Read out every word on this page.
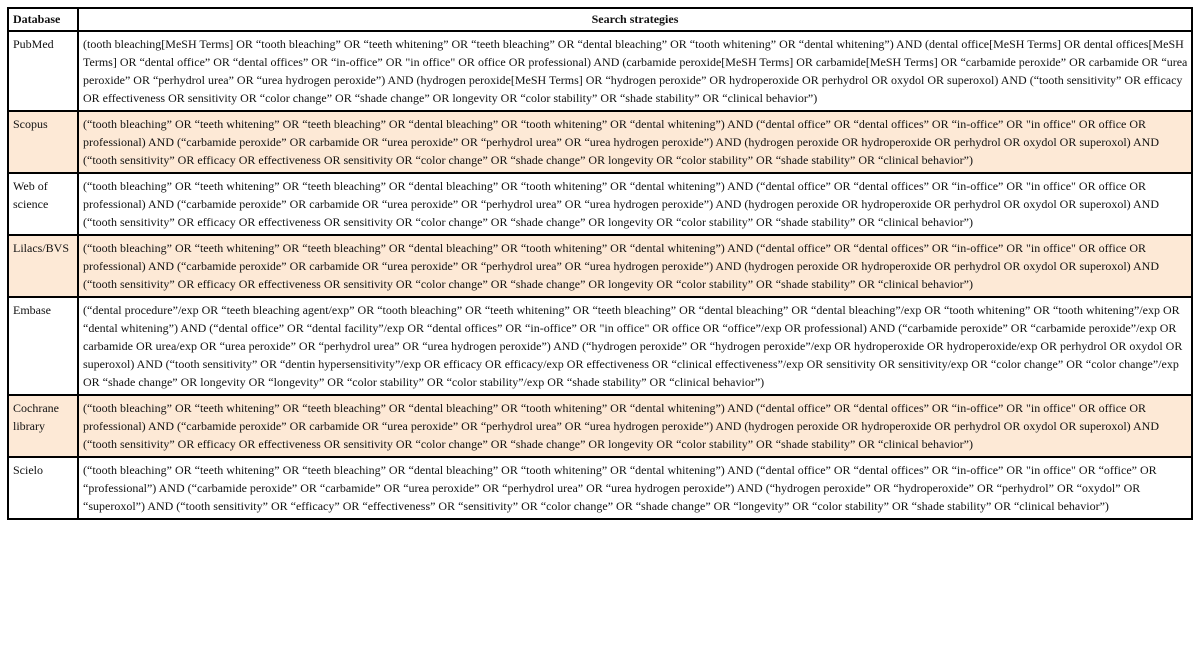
Database	Search strategies
PubMed	(tooth bleaching[MeSH Terms] OR “tooth bleaching” OR “teeth whitening” OR “teeth bleaching” OR “dental bleaching” OR “tooth whitening” OR “dental whitening”) AND (dental office[MeSH Terms] OR dental offices[MeSH Terms] OR “dental office” OR “dental offices” OR “in-office” OR "in office" OR office OR professional) AND (carbamide peroxide[MeSH Terms] OR carbamide[MeSH Terms] OR “carbamide peroxide” OR carbamide OR “urea peroxide” OR “perhydrol urea” OR “urea hydrogen peroxide”) AND (hydrogen peroxide[MeSH Terms] OR “hydrogen peroxide” OR hydroperoxide OR perhydrol OR oxydol OR superoxol) AND (“tooth sensitivity” OR efficacy OR effectiveness OR sensitivity OR “color change” OR “shade change” OR longevity OR “color stability” OR “shade stability” OR “clinical behavior”)
Scopus	(“tooth bleaching” OR “teeth whitening” OR “teeth bleaching” OR “dental bleaching” OR “tooth whitening” OR “dental whitening”) AND (“dental office” OR “dental offices” OR “in-office” OR "in office" OR office OR professional) AND (“carbamide peroxide” OR carbamide OR “urea peroxide” OR “perhydrol urea” OR “urea hydrogen peroxide”) AND (hydrogen peroxide OR hydroperoxide OR perhydrol OR oxydol OR superoxol) AND (“tooth sensitivity” OR efficacy OR effectiveness OR sensitivity OR “color change” OR “shade change” OR longevity OR “color stability” OR “shade stability” OR “clinical behavior”)
Web of science	(“tooth bleaching” OR “teeth whitening” OR “teeth bleaching” OR “dental bleaching” OR “tooth whitening” OR “dental whitening”) AND (“dental office” OR “dental offices” OR “in-office” OR "in office" OR office OR professional) AND (“carbamide peroxide” OR carbamide OR “urea peroxide” OR “perhydrol urea” OR “urea hydrogen peroxide”) AND (hydrogen peroxide OR hydroperoxide OR perhydrol OR oxydol OR superoxol) AND (“tooth sensitivity” OR efficacy OR effectiveness OR sensitivity OR “color change” OR “shade change” OR longevity OR “color stability” OR “shade stability” OR “clinical behavior”)
Lilacs/BVS	(“tooth bleaching” OR “teeth whitening” OR “teeth bleaching” OR “dental bleaching” OR “tooth whitening” OR “dental whitening”) AND (“dental office” OR “dental offices” OR “in-office” OR "in office" OR office OR professional) AND (“carbamide peroxide” OR carbamide OR “urea peroxide” OR “perhydrol urea” OR “urea hydrogen peroxide”) AND (hydrogen peroxide OR hydroperoxide OR perhydrol OR oxydol OR superoxol) AND (“tooth sensitivity” OR efficacy OR effectiveness OR sensitivity OR “color change” OR “shade change” OR longevity OR “color stability” OR “shade stability” OR “clinical behavior”)
Embase	(“dental procedure”/exp OR “teeth bleaching agent/exp” OR “tooth bleaching” OR “teeth whitening” OR “teeth bleaching” OR “dental bleaching” OR “dental bleaching”/exp OR “tooth whitening” OR “tooth whitening”/exp OR “dental whitening”) AND (“dental office” OR “dental facility”/exp OR “dental offices” OR “in-office” OR "in office" OR office OR “office”/exp OR professional) AND (“carbamide peroxide” OR “carbamide peroxide”/exp OR carbamide OR urea/exp OR “urea peroxide” OR “perhydrol urea” OR “urea hydrogen peroxide”) AND (“hydrogen peroxide” OR “hydrogen peroxide”/exp OR hydroperoxide OR hydroperoxide/exp OR perhydrol OR oxydol OR superoxol) AND (“tooth sensitivity” OR “dentin hypersensitivity”/exp OR efficacy OR efficacy/exp OR effectiveness OR “clinical effectiveness”/exp OR sensitivity OR sensitivity/exp OR “color change” OR “color change”/exp OR “shade change” OR longevity OR “longevity” OR “color stability” OR “color stability”/exp OR “shade stability” OR “clinical behavior”)
Cochrane library	(“tooth bleaching” OR “teeth whitening” OR “teeth bleaching” OR “dental bleaching” OR “tooth whitening” OR “dental whitening”) AND (“dental office” OR “dental offices” OR “in-office” OR "in office" OR office OR professional) AND (“carbamide peroxide” OR carbamide OR “urea peroxide” OR “perhydrol urea” OR “urea hydrogen peroxide”) AND (hydrogen peroxide OR hydroperoxide OR perhydrol OR oxydol OR superoxol) AND (“tooth sensitivity” OR efficacy OR effectiveness OR sensitivity OR “color change” OR “shade change” OR longevity OR “color stability” OR “shade stability” OR “clinical behavior”)
Scielo	(“tooth bleaching” OR “teeth whitening” OR “teeth bleaching” OR “dental bleaching” OR “tooth whitening” OR “dental whitening”) AND (“dental office” OR “dental offices” OR “in-office” OR "in office" OR “office” OR “professional”) AND (“carbamide peroxide” OR “carbamide” OR “urea peroxide” OR “perhydrol urea” OR “urea hydrogen peroxide”) AND (“hydrogen peroxide” OR “hydroperoxide” OR “perhydrol” OR “oxydol” OR “superoxol”) AND (“tooth sensitivity” OR “efficacy” OR “effectiveness” OR “sensitivity” OR “color change” OR “shade change” OR “longevity” OR “color stability” OR “shade stability” OR “clinical behavior”)
